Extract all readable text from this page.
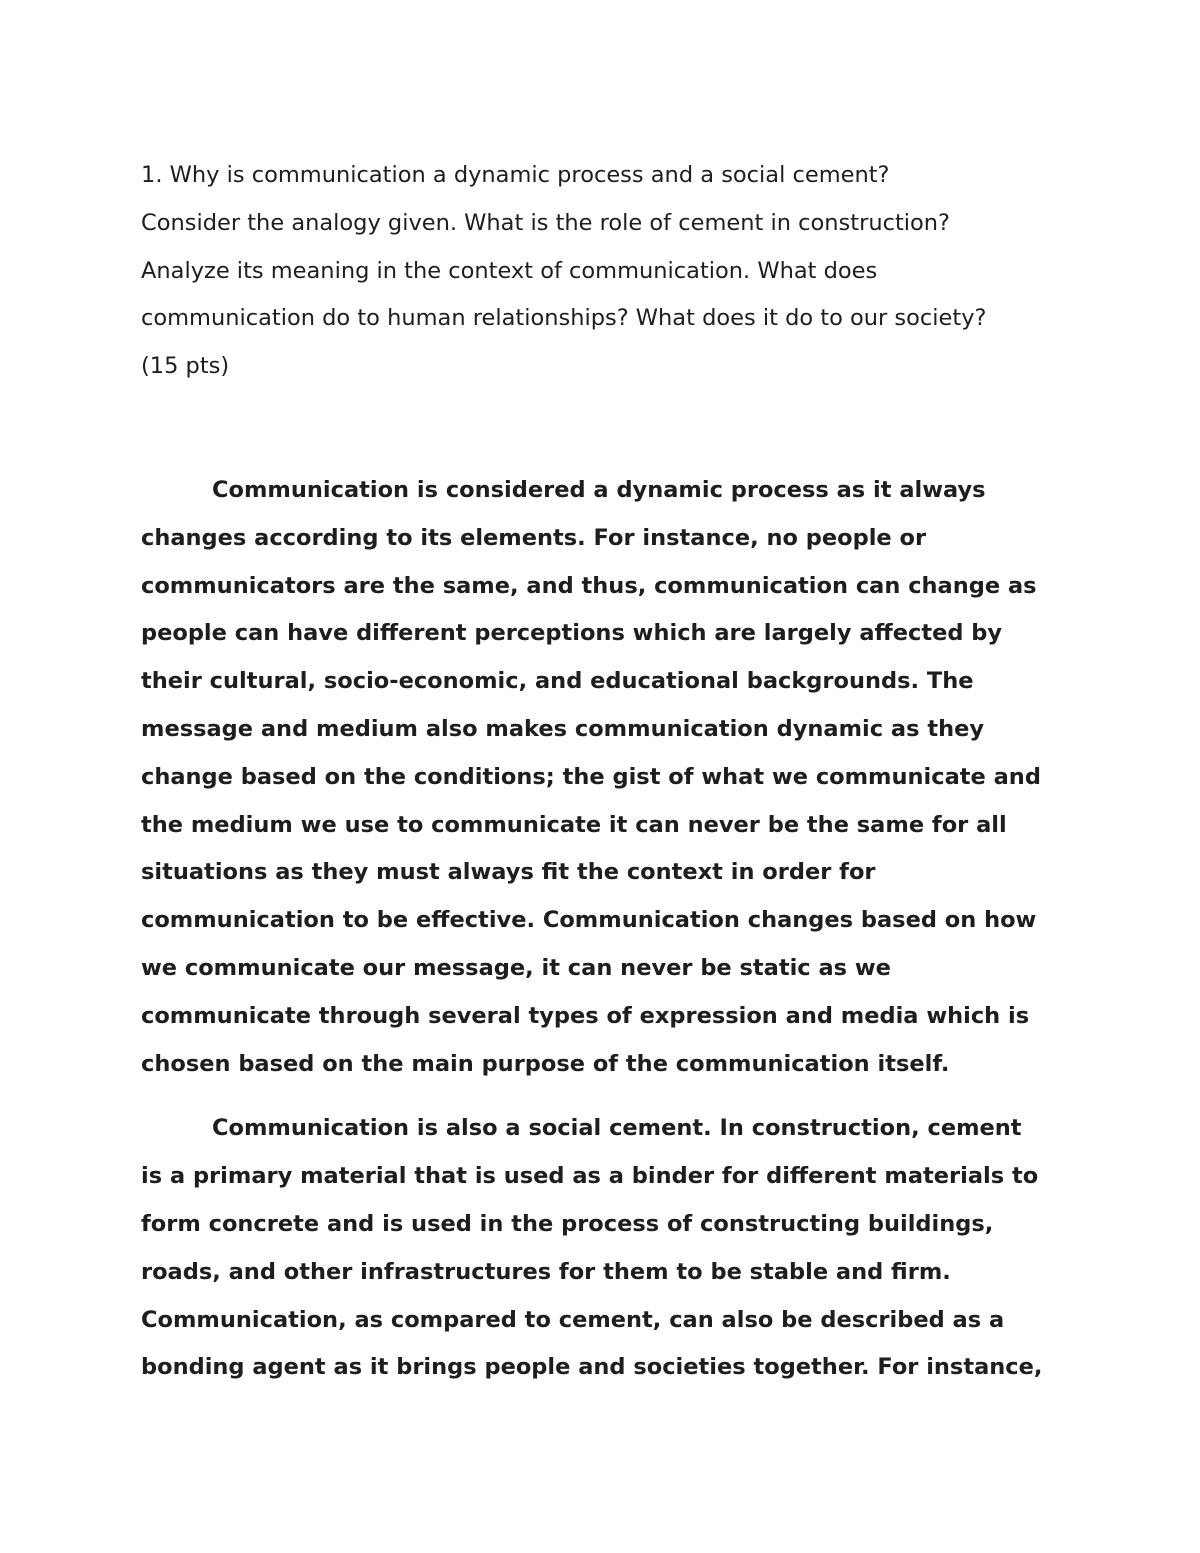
1. Why is communication a dynamic process and a social cement?
Consider the analogy given. What is the role of cement in construction?
Analyze its meaning in the context of communication. What does
communication do to human relationships? What does it do to our society?
(15 pts)

Communication is considered a dynamic process as it always
changes according to its elements. For instance, no people or
communicators are the same, and thus, communication can change as
people can have different perceptions which are largely affected by
their cultural, socio-economic, and educational backgrounds. The
message and medium also makes communication dynamic as they
change based on the conditions; the gist of what we communicate and
the medium we use to communicate it can never be the same for all
situations as they must always fit the context in order for
communication to be effective. Communication changes based on how
we communicate our message, it can never be static as we
communicate through several types of expression and media which is
chosen based on the main purpose of the communication itself.

Communication is also a social cement. In construction, cement
is a primary material that is used as a binder for different materials to
form concrete and is used in the process of constructing buildings,
roads, and other infrastructures for them to be stable and firm.
Communication, as compared to cement, can also be described as a
bonding agent as it brings people and societies together. For instance,
